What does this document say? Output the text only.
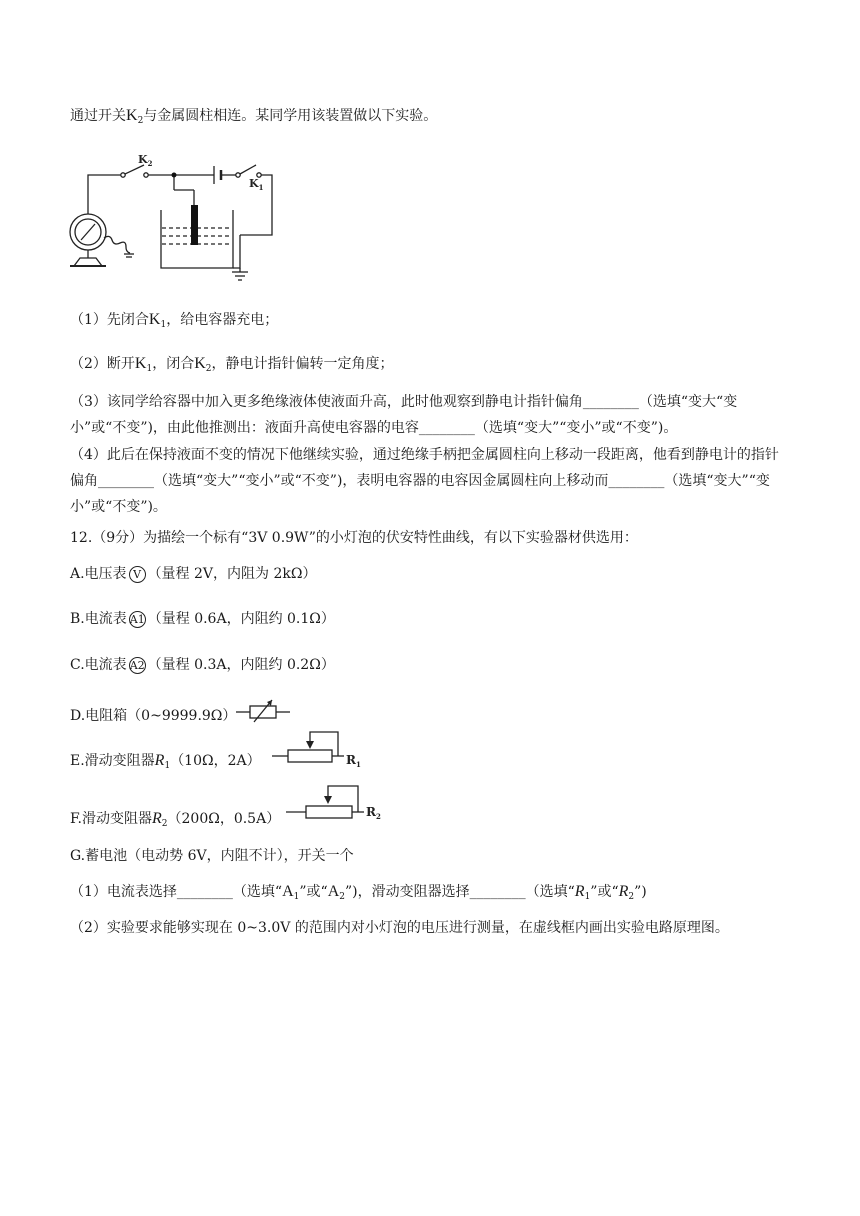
通过开关$K_2$与金属圆柱相连。某同学用该装置做以下实验。
$K_2$
$K_1$
（1）先闭合$K_1$，给电容器充电；
（2）断开$K_1$，闭合$K_2$，静电计指针偏转一定角度；
（3）该同学给容器中加入更多绝缘液体使液面升高，此时他观察到静电计指针偏角________（选填“变大“变小”或“不变”)，由此他推测出：液面升高使电容器的电容________（选填“变大”“变小”或“不变”)。
（4）此后在保持液面不变的情况下他继续实验，通过绝缘手柄把金属圆柱向上移动一段距离，他看到静电计的指针偏角________（选填“变大”“变小”或“不变”)，表明电容器的电容因金属圆柱向上移动而________（选填“变大”“变小”或“不变”)。
12.（9分）为描绘一个标有“3V 0.9W”的小灯泡的伏安特性曲线，有以下实验器材供选用：
A.电压表 V （量程 2V，内阻为 2kΩ）
B.电流表 A1 （量程 0.6A，内阻约 0.1Ω）
C.电流表 A2 （量程 0.3A，内阻约 0.2Ω）
D.电阻箱（0~9999.9Ω）
E.滑动变阻器$R_1(10\Omega$，2A）	$R_1$
F.滑动变阻器$R_2(200\Omega$，0.5A）	$R_2$
G.蓄电池（电动势 6V，内阻不计），开关一个
（1）电流表选择________（选填“$A_1$”或“$A_2$”)，滑动变阻器选择________（选填“$R_1$”或“$R_2$”)
（2）实验要求能够实现在 0~3.0V 的范围内对小灯泡的电压进行测量，在虚线框内画出实验电路原理图。
